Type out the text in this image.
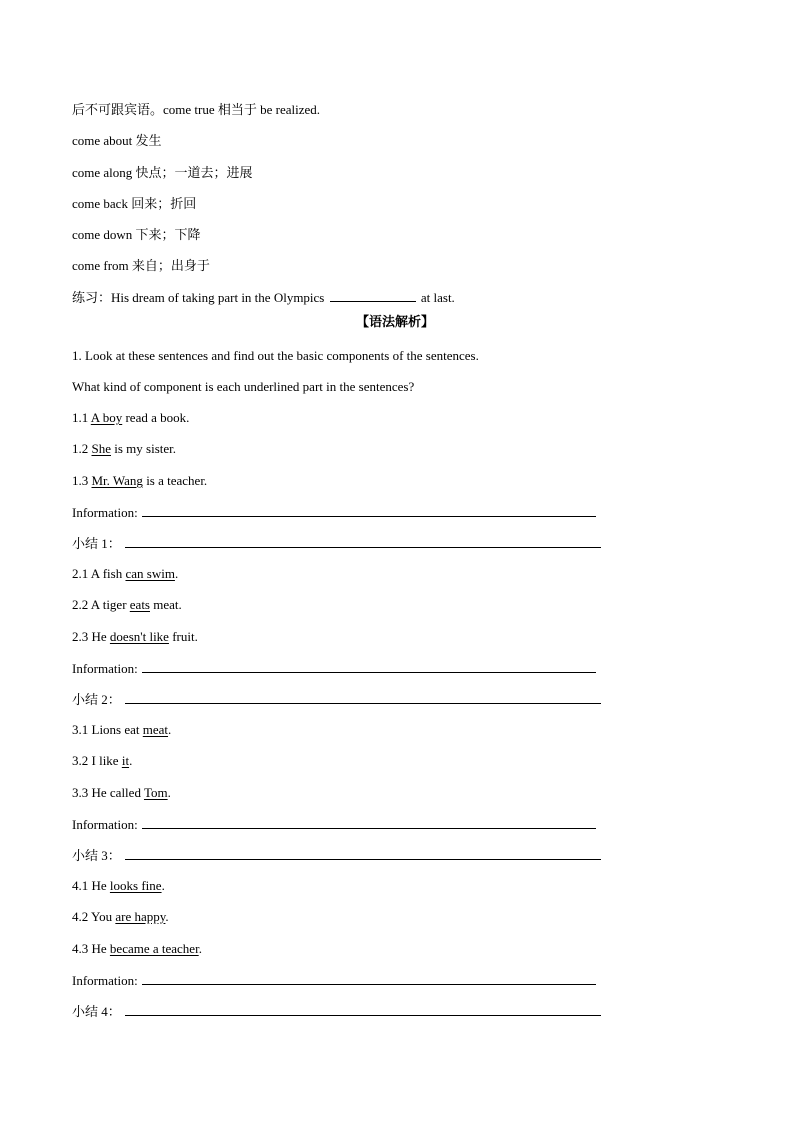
后不可跟宾语。come true 相当于 be realized.
come about 发生
come along 快点；一道去；进展
come back 回来；折回
come down 下来；下降
come from 来自；出身于
练习：His dream of taking part in the Olympics	at last.
【语法解析】
1. Look at these sentences and find out the basic components of the sentences.
What kind of component is each underlined part in the sentences?
1.1 A boy read a book.
1.2 She is my sister.
1.3 Mr. Wang is a teacher.
Information:
小结 1：
2.1 A fish can swim.
2.2 A tiger eats meat.
2.3 He doesn't like fruit.
Information:
小结 2：
3.1 Lions eat meat.
3.2 I like it.
3.3 He called Tom.
Information:
小结 3：
4.1 He looks fine.
4.2 You are happy.
4.3 He became a teacher.
Information:
小结 4：
